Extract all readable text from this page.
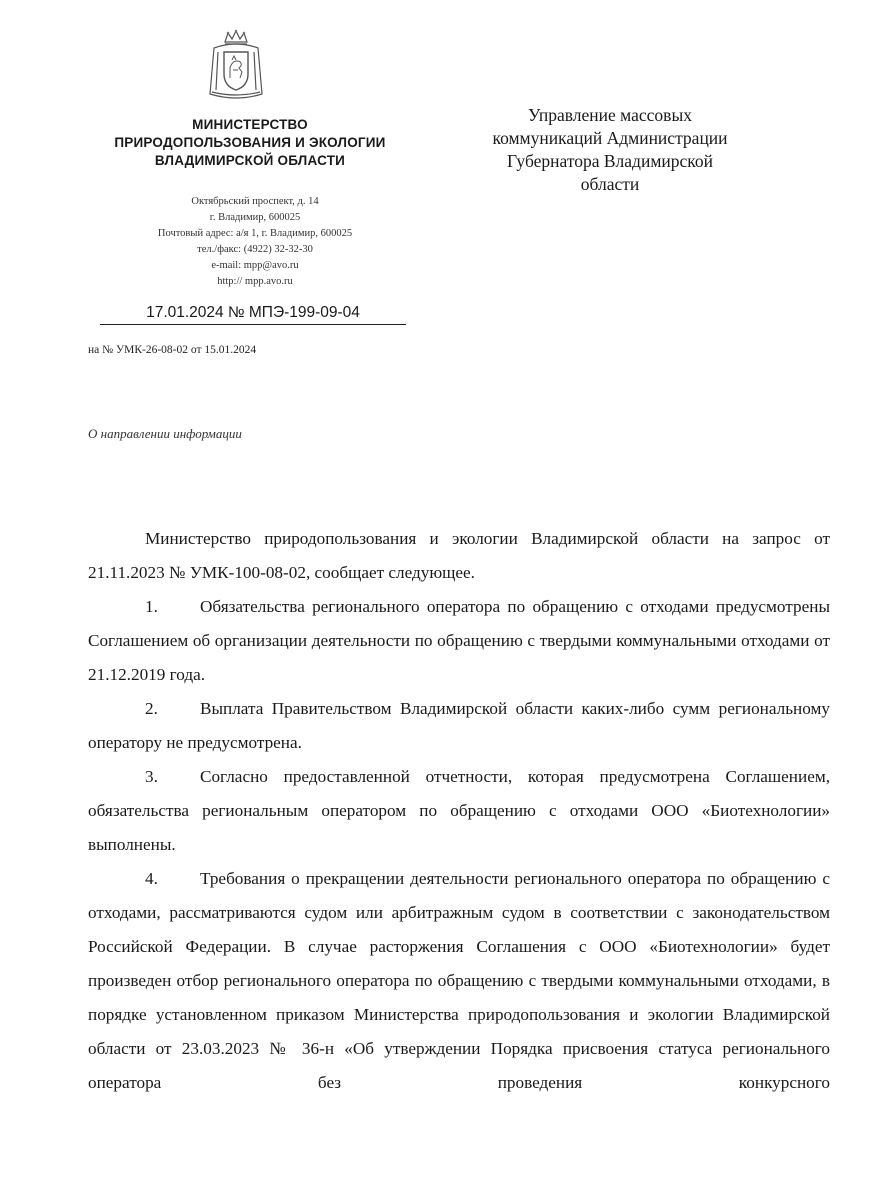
МИНИСТЕРСТВО
ПРИРОДОПОЛЬЗОВАНИЯ И ЭКОЛОГИИ
ВЛАДИМИРСКОЙ ОБЛАСТИ
Октябрьский проспект, д. 14
г. Владимир, 600025
Почтовый адрес: а/я 1, г. Владимир, 600025
тел./факс: (4922) 32-32-30
e-mail: mpp@avo.ru
http:// mpp.avo.ru
17.01.2024 № МПЭ-199-09-04
на № УМК-26-08-02 от 15.01.2024
Управление массовых
коммуникаций Администрации
Губернатора Владимирской
области
О направлении информации

Министерство природопользования и экологии Владимирской области на запрос от 21.11.2023 № УМК-100-08-02, сообщает следующее.

1. Обязательства регионального оператора по обращению с отходами предусмотрены Соглашением об организации деятельности по обращению с твердыми коммунальными отходами от 21.12.2019 года.

2. Выплата Правительством Владимирской области каких-либо сумм региональному оператору не предусмотрена.

3. Согласно предоставленной отчетности, которая предусмотрена Соглашением, обязательства региональным оператором по обращению с отходами ООО «Биотехнологии» выполнены.

4. Требования о прекращении деятельности регионального оператора по обращению с отходами, рассматриваются судом или арбитражным судом в соответствии с законодательством Российской Федерации. В случае расторжения Соглашения с ООО «Биотехнологии» будет произведен отбор регионального оператора по обращению с твердыми коммунальными отходами, в порядке установленном приказом Министерства природопользования и экологии Владимирской области от 23.03.2023 № 36-н «Об утверждении Порядка присвоения статуса регионального оператора без проведения конкурсного
